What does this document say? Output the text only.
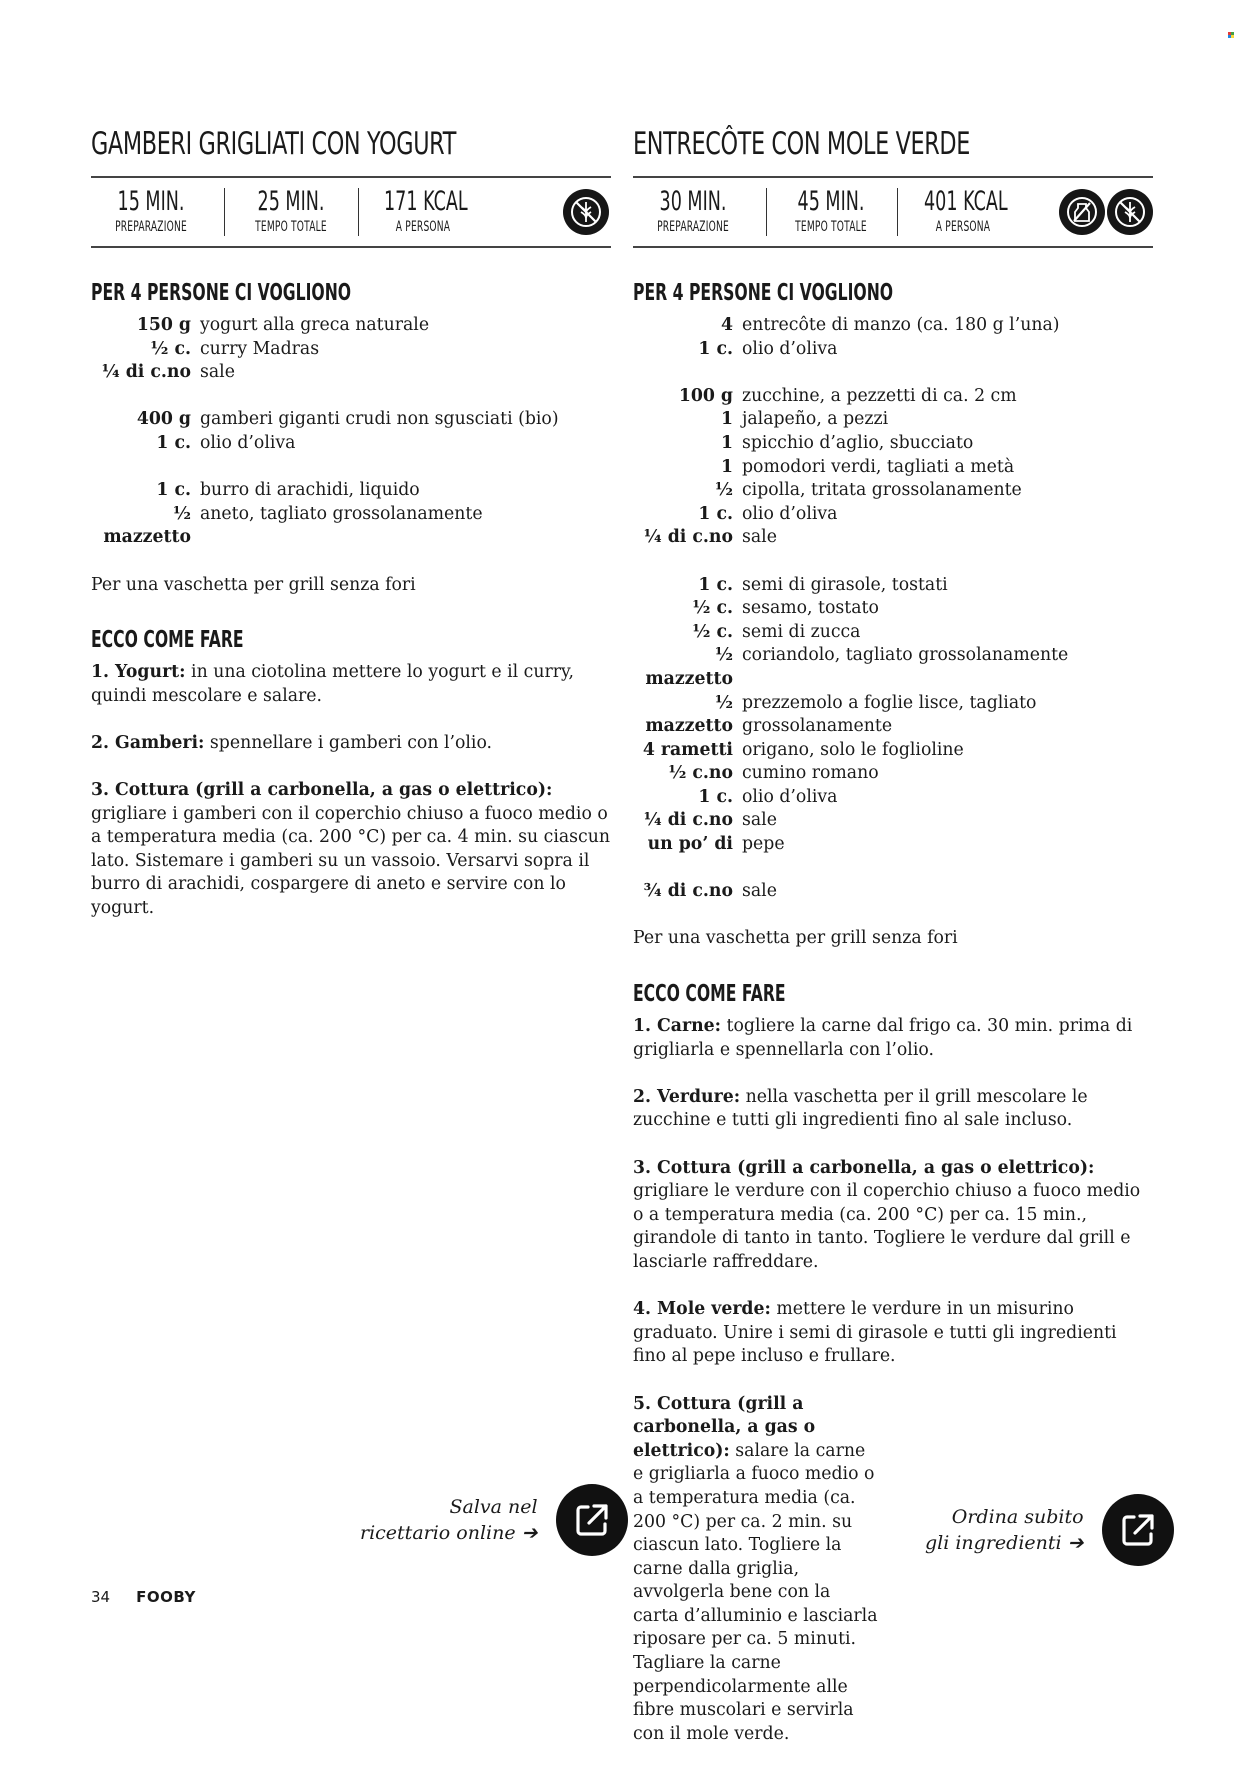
GAMBERI GRIGLIATI CON YOGURT
15 MIN.
PREPARAZIONE
25 MIN.
TEMPO TOTALE
171 KCAL
A PERSONA
PER 4 PERSONE CI VOGLIONO
150 g yogurt alla greca naturale
½ c. curry Madras
¼ di c.no sale
400 g gamberi giganti crudi non sgusciati (bio)
1 c. olio d’oliva
1 c. burro di arachidi, liquido
½ mazzetto
aneto, tagliato grossolanamente

Per una vaschetta per grill senza fori

ECCO COME FARE

1. Yogurt: in una ciotolina mettere lo yogurt e il curry, quindi mescolare e salare.

2. Gamberi: spennellare i gamberi con l’olio.

3. Cottura (grill a carbonella, a gas o elettrico): grigliare i gamberi con il coperchio chiuso a fuoco medio o a temperatura media (ca. 200 °C) per ca. 4 min. su ciascun lato. Sistemare i gamberi su un vassoio. Versarvi sopra il burro di arachidi, cospargere di aneto e servire con lo yogurt.

ENTRECÔTE CON MOLE VERDE
30 MIN.
PREPARAZIONE
45 MIN.
TEMPO TOTALE
401 KCAL
A PERSONA
PER 4 PERSONE CI VOGLIONO
4 entrecôte di manzo (ca. 180 g l’una)
1 c. olio d’oliva
100 g zucchine, a pezzetti di ca. 2 cm
1 jalapeño, a pezzi
1 spicchio d’aglio, sbucciato
1 pomodori verdi, tagliati a metà
½ cipolla, tritata grossolanamente
1 c. olio d’oliva
¼ di c.no sale
1 c. semi di girasole, tostati
½ c. sesamo, tostato
½ c. semi di zucca
½ mazzetto
coriandolo, tagliato grossolanamente
½ mazzetto
prezzemolo a foglie lisce, tagliato grossolanamente
4 rametti origano, solo le foglioline
½ c.no cumino romano
1 c. olio d’oliva
¼ di c.no sale
un po’ di pepe
¾ di c.no sale

Per una vaschetta per grill senza fori

ECCO COME FARE

1. Carne: togliere la carne dal frigo ca. 30 min. prima di grigliarla e spennellarla con l’olio.

2. Verdure: nella vaschetta per il grill mescolare le zucchine e tutti gli ingredienti fino al sale incluso.

3. Cottura (grill a carbonella, a gas o elettrico): grigliare le verdure con il coperchio chiuso a fuoco medio o a temperatura media (ca. 200 °C) per ca. 15 min., girandole di tanto in tanto. Togliere le verdure dal grill e lasciarle raffreddare.

4. Mole verde: mettere le verdure in un misurino graduato. Unire i semi di girasole e tutti gli ingredienti fino al pepe incluso e frullare.

5. Cottura (grill a carbonella, a gas o elettrico): salare la carne e grigliarla a fuoco medio o a temperatura media (ca. 200 °C) per ca. 2 min. su ciascun lato. Togliere la carne dalla griglia, avvolgerla bene con la carta d’alluminio e lasciarla riposare per ca. 5 minuti. Tagliare la carne perpendicolarmente alle fibre muscolari e servirla con il mole verde.

Salva nel
ricettario online ➔
Ordina subito
gli ingredienti ➔
34 FOOBY
